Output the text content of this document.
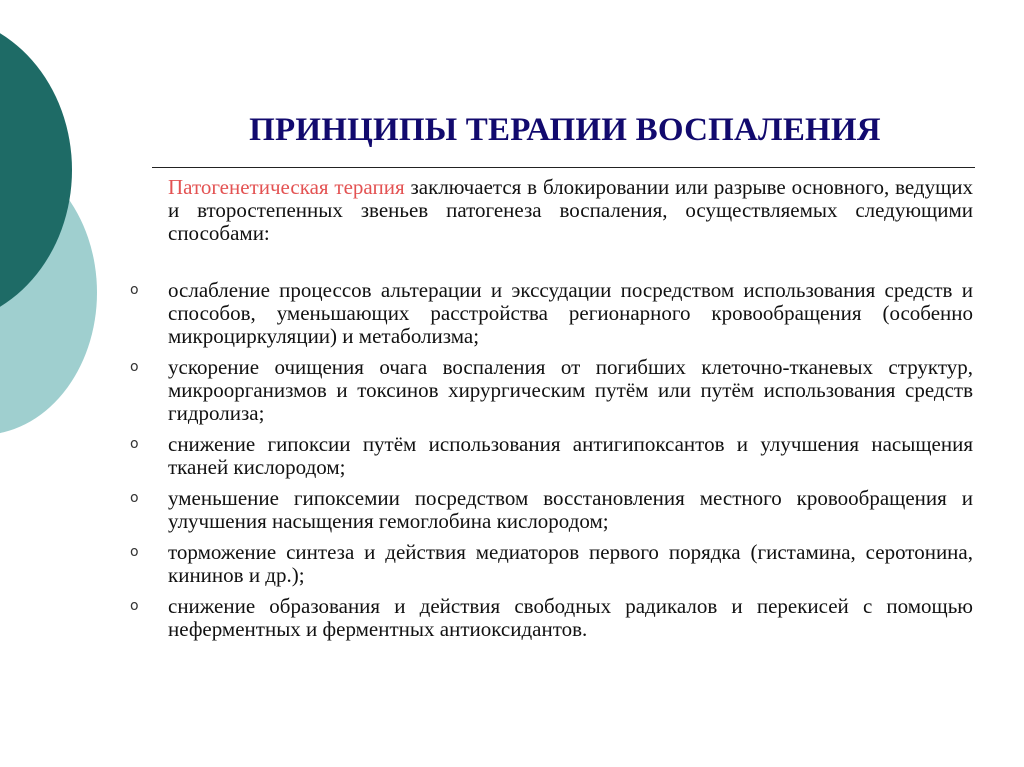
ПРИНЦИПЫ ТЕРАПИИ ВОСПАЛЕНИЯ

Патогенетическая терапия заключается в блокировании или разрыве основного, ведущих и второстепенных звеньев патогенеза воспаления, осуществляемых следующими способами:

o ослабление процессов альтерации и экссудации посредством использования средств и способов, уменьшающих расстройства регионарного кровообращения (особенно микроциркуляции) и метаболизма;
o ускорение очищения очага воспаления от погибших клеточно-тканевых структур, микроорганизмов и токсинов хирургическим путём или путём использования средств гидролиза;
o снижение гипоксии путём использования антигипоксантов и улучшения насыщения тканей кислородом;
o уменьшение гипоксемии посредством восстановления местного кровообращения и улучшения насыщения гемоглобина кислородом;
o торможение синтеза и действия медиаторов первого порядка (гистамина, серотонина, кининов и др.);
o снижение образования и действия свободных радикалов и перекисей с помощью неферментных и ферментных антиоксидантов.
